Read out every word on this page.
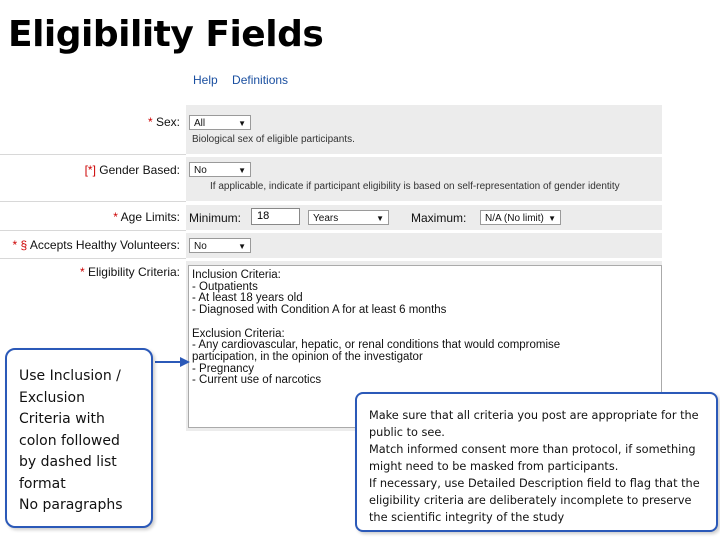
Eligibility Fields
Help Definitions
* Sex:	All	▼
Biological sex of eligible participants.
[*] Gender Based:	No	▼
If applicable, indicate if participant eligibility is based on self-representation of gender identity
* Age Limits: Minimum:	18	Years	▼ Maximum:	N/A (No limit) ▼
* § Accepts Healthy Volunteers:	No	▼
* Eligibility Criteria: Inclusion Criteria:
- Outpatients
- At least 18 years old
- Diagnosed with Condition A for at least 6 months
Exclusion Criteria:
- Any cardiovascular, hepatic, or renal conditions that would compromise
participation, in the opinion of the investigator
- Pregnancy
- Current use of narcotics
Use Inclusion /
Exclusion
Criteria with
colon followed
by dashed list
format
No paragraphs
Make sure that all criteria you post are appropriate for the
public to see.
Match informed consent more than protocol, if something
might need to be masked from participants.
If necessary, use Detailed Description field to flag that the
eligibility criteria are deliberately incomplete to preserve
the scientific integrity of the study
